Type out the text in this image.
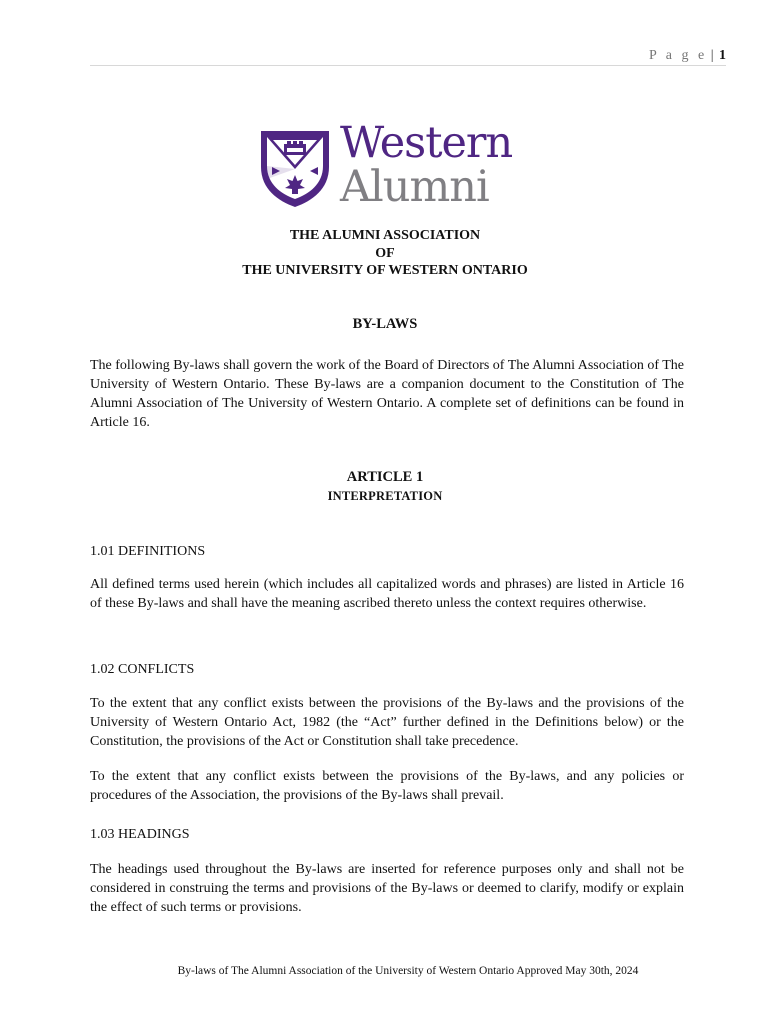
P a g e | 1
Western
Alumni
THE ALUMNI ASSOCIATION
OF
THE UNIVERSITY OF WESTERN ONTARIO
BY-LAWS

The following By-laws shall govern the work of the Board of Directors of The Alumni Association of The University of Western Ontario. These By-laws are a companion document to the Constitution of The Alumni Association of The University of Western Ontario. A complete set of definitions can be found in Article 16.

ARTICLE 1
INTERPRETATION
1.01 DEFINITIONS

All defined terms used herein (which includes all capitalized words and phrases) are listed in Article 16 of these By-laws and shall have the meaning ascribed thereto unless the context requires otherwise.

1.02 CONFLICTS

To the extent that any conflict exists between the provisions of the By-laws and the provisions of the University of Western Ontario Act, 1982 (the “Act” further defined in the Definitions below) or the Constitution, the provisions of the Act or Constitution shall take precedence.

To the extent that any conflict exists between the provisions of the By-laws, and any policies or procedures of the Association, the provisions of the By-laws shall prevail.

1.03 HEADINGS

The headings used throughout the By-laws are inserted for reference purposes only and shall not be considered in construing the terms and provisions of the By-laws or deemed to clarify, modify or explain the effect of such terms or provisions.

By-laws of The Alumni Association of the University of Western Ontario Approved May 30th, 2024
